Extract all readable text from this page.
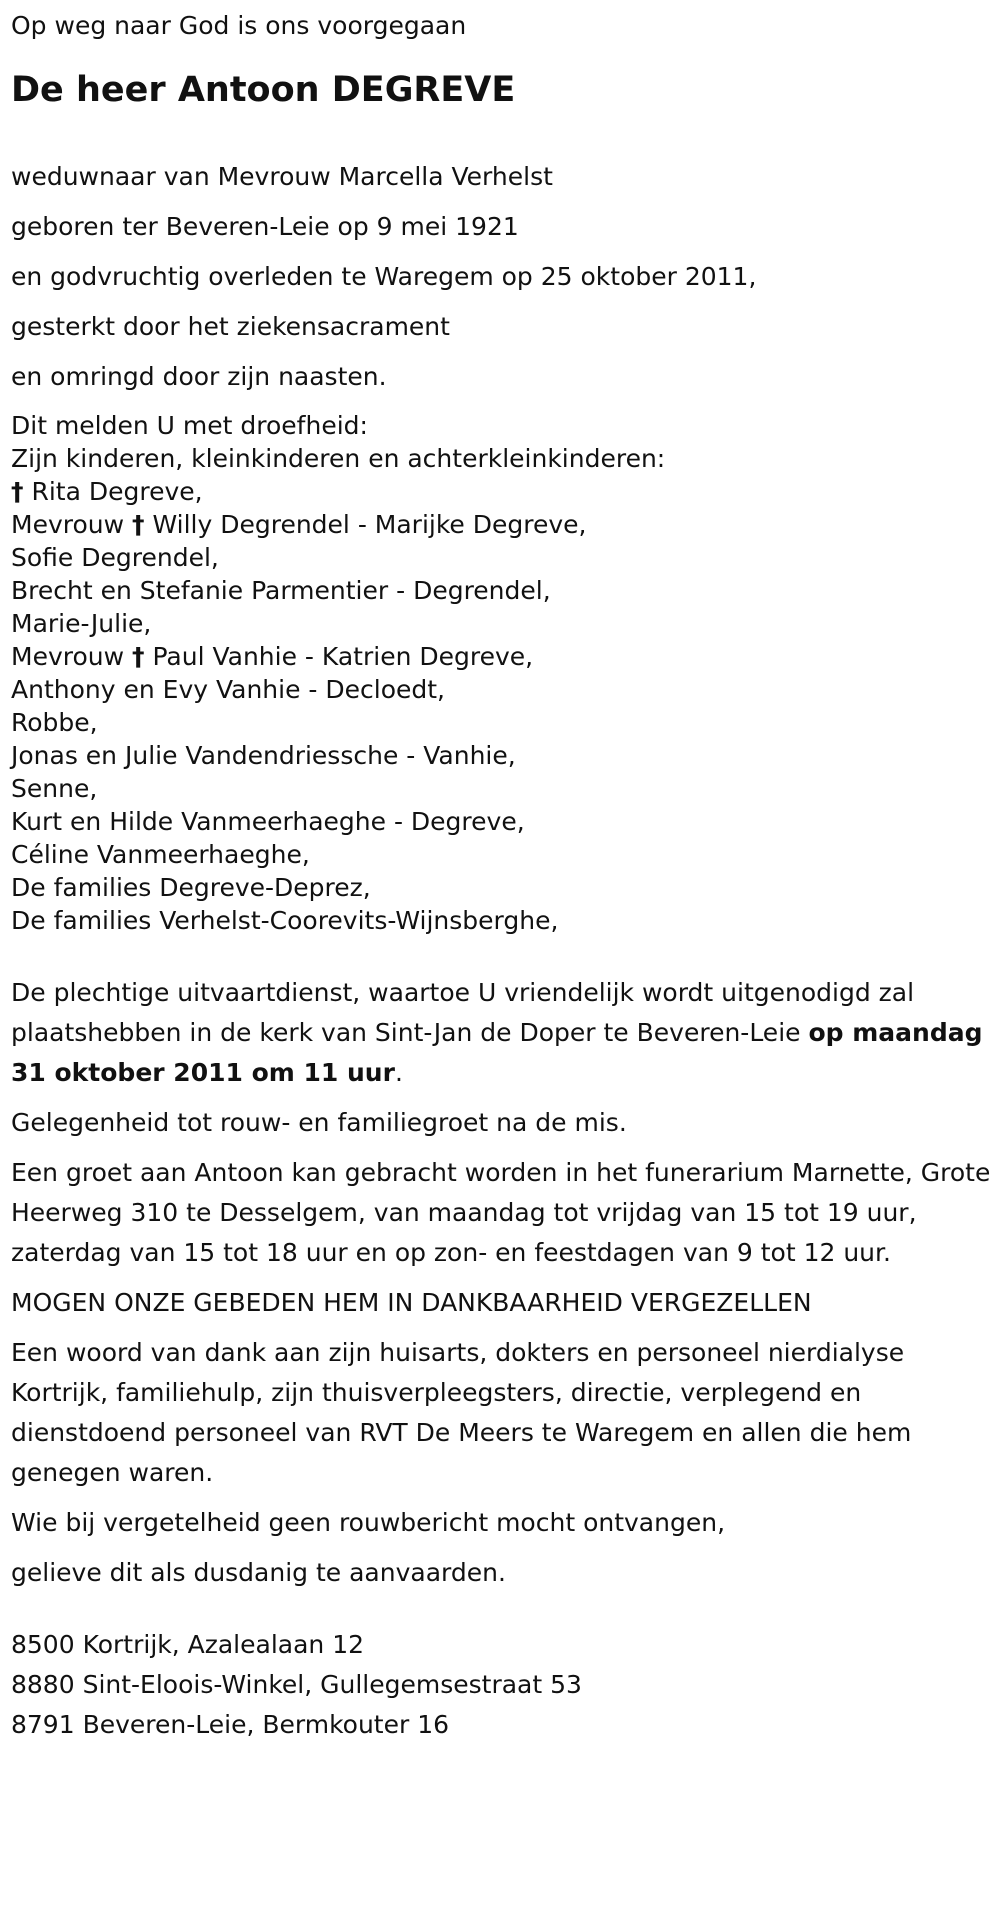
Op weg naar God is ons voorgegaan

De heer Antoon DEGREVE

weduwnaar van Mevrouw Marcella Verhelst

geboren ter Beveren-Leie op 9 mei 1921

en godvruchtig overleden te Waregem op 25 oktober 2011,

gesterkt door het ziekensacrament

en omringd door zijn naasten.

Dit melden U met droefheid:

Zijn kinderen, kleinkinderen en achterkleinkinderen:

† Rita Degreve,

Mevrouw † Willy Degrendel - Marijke Degreve,

Sofie Degrendel,

Brecht en Stefanie Parmentier - Degrendel,

Marie-Julie,

Mevrouw † Paul Vanhie - Katrien Degreve,

Anthony en Evy Vanhie - Decloedt,

Robbe,

Jonas en Julie Vandendriessche - Vanhie,

Senne,

Kurt en Hilde Vanmeerhaeghe - Degreve,

Céline Vanmeerhaeghe,

De families Degreve-Deprez,

De families Verhelst-Coorevits-Wijnsberghe,

De plechtige uitvaartdienst, waartoe U vriendelijk wordt uitgenodigd zal plaatshebben in de kerk van Sint-Jan de Doper te Beveren-Leie op maandag 31 oktober 2011 om 11 uur.

Gelegenheid tot rouw- en familiegroet na de mis.

Een groet aan Antoon kan gebracht worden in het funerarium Marnette, Grote Heerweg 310 te Desselgem, van maandag tot vrijdag van 15 tot 19 uur, zaterdag van 15 tot 18 uur en op zon- en feestdagen van 9 tot 12 uur.

MOGEN ONZE GEBEDEN HEM IN DANKBAARHEID VERGEZELLEN

Een woord van dank aan zijn huisarts, dokters en personeel nierdialyse Kortrijk, familiehulp, zijn thuisverpleegsters, directie, verplegend en dienstdoend personeel van RVT De Meers te Waregem en allen die hem genegen waren.

Wie bij vergetelheid geen rouwbericht mocht ontvangen,

gelieve dit als dusdanig te aanvaarden.

8500 Kortrijk, Azalealaan 12

8880 Sint-Eloois-Winkel, Gullegemsestraat 53

8791 Beveren-Leie, Bermkouter 16
